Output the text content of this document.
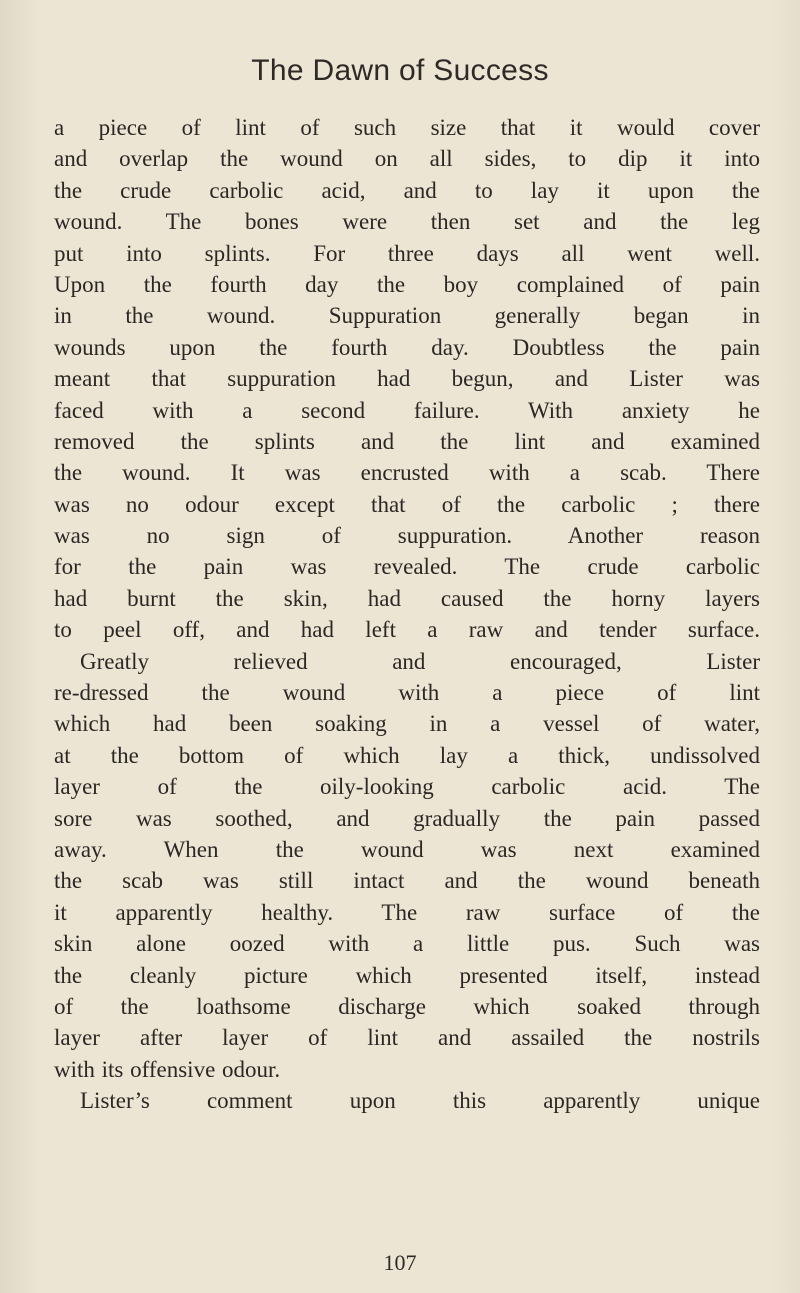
The Dawn of Success
a piece of lint of such size that it would cover
and overlap the wound on all sides, to dip it into
the crude carbolic acid, and to lay it upon the
wound. The bones were then set and the leg
put into splints. For three days all went well.
Upon the fourth day the boy complained of pain
in the wound. Suppuration generally began in
wounds upon the fourth day. Doubtless the pain
meant that suppuration had begun, and Lister was
faced with a second failure. With anxiety he
removed the splints and the lint and examined
the wound. It was encrusted with a scab. There
was no odour except that of the carbolic ; there
was no sign of suppuration. Another reason
for the pain was revealed. The crude carbolic
had burnt the skin, had caused the horny layers
to peel off, and had left a raw and tender surface.
Greatly relieved and encouraged, Lister
re-dressed the wound with a piece of lint
which had been soaking in a vessel of water,
at the bottom of which lay a thick, undissolved
layer of the oily-looking carbolic acid. The
sore was soothed, and gradually the pain passed
away. When the wound was next examined
the scab was still intact and the wound beneath
it apparently healthy. The raw surface of the
skin alone oozed with a little pus. Such was
the cleanly picture which presented itself, instead
of the loathsome discharge which soaked through
layer after layer of lint and assailed the nostrils
with its offensive odour.
Lister’s comment upon this apparently unique
107
